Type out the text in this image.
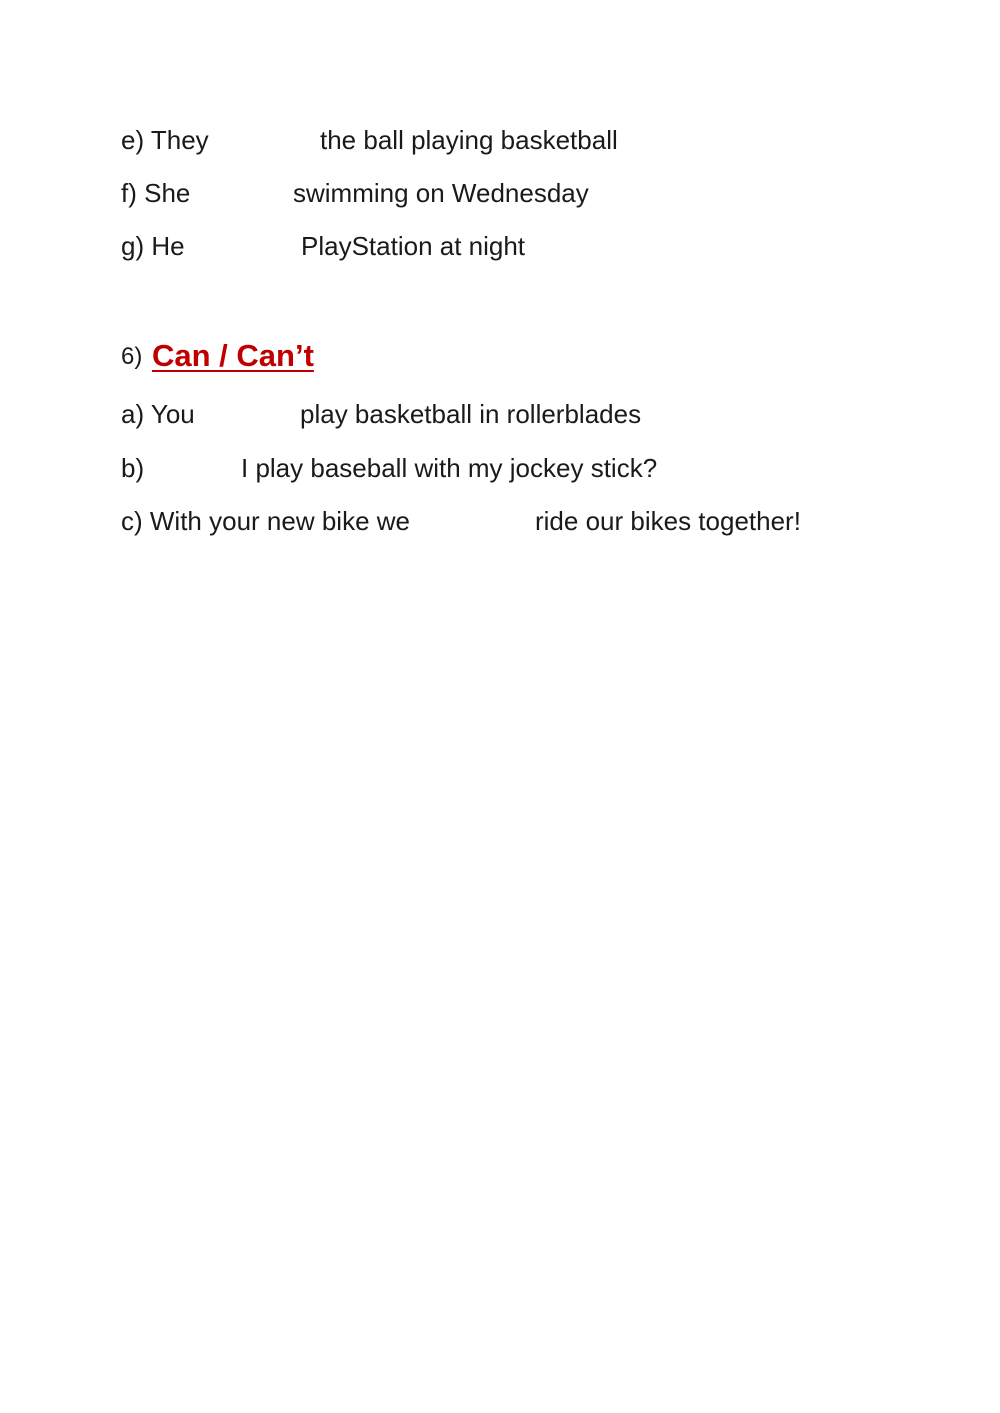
e) They	the ball playing basketball
f) She	swimming on Wednesday
g) He	PlayStation at night
6) Can / Can’t
a) You	play basketball in rollerblades
b)	I play baseball with my jockey stick?
c) With your new bike we	ride our bikes together!
